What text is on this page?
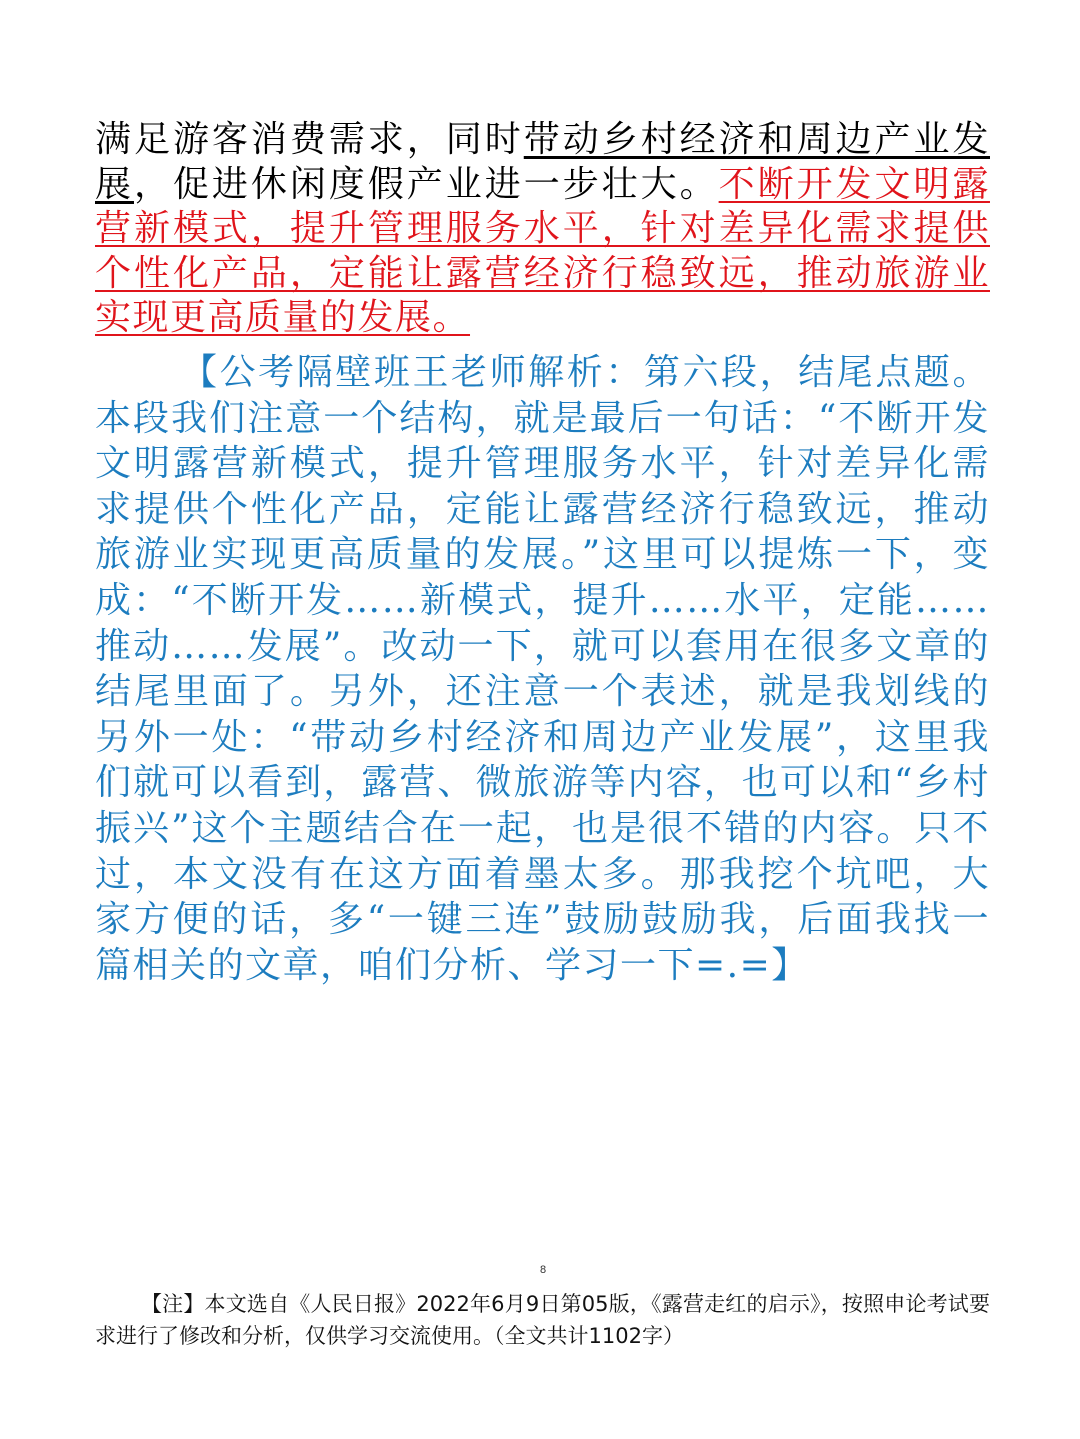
满足游客消费需求，同时带动乡村经济和周边产业发展，促进休闲度假产业进一步壮大。不断开发文明露营新模式，提升管理服务水平，针对差异化需求提供个性化产品，定能让露营经济行稳致远，推动旅游业实现更高质量的发展。
【公考隔壁班王老师解析：第六段，结尾点题。本段我们注意一个结构，就是最后一句话：“不断开发文明露营新模式，提升管理服务水平，针对差异化需求提供个性化产品，定能让露营经济行稳致远，推动旅游业实现更高质量的发展。”这里可以提炼一下，变成：“不断开发……新模式，提升……水平，定能……推动……发展”。改动一下，就可以套用在很多文章的结尾里面了。另外，还注意一个表述，就是我划线的另外一处：“带动乡村经济和周边产业发展”，这里我们就可以看到，露营、微旅游等内容，也可以和“乡村振兴”这个主题结合在一起，也是很不错的内容。只不过，本文没有在这方面着墨太多。那我挖个坑吧，大家方便的话，多“一键三连”鼓励鼓励我，后面我找一篇相关的文章，咱们分析、学习一下=.=】
8
【注】本文选自《人民日报》2022年6月9日第05版，《露营走红的启示》，按照申论考试要求进行了修改和分析，仅供学习交流使用。（全文共计1102字）
